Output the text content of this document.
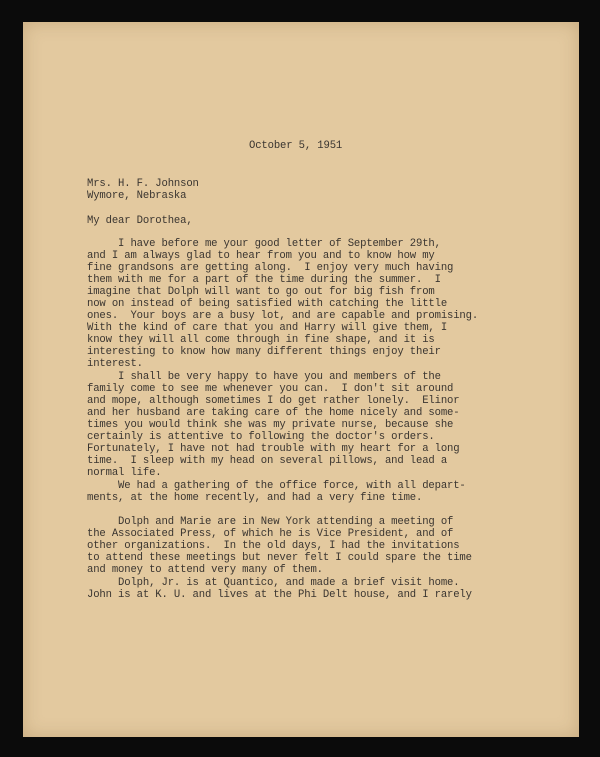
October 5, 1951

Mrs. H. F. Johnson

Wymore, Nebraska

My dear Dorothea,

I have before me your good letter of September 29th,
and I am always glad to hear from you and to know how my
fine grandsons are getting along.  I enjoy very much having
them with me for a part of the time during the summer.  I
imagine that Dolph will want to go out for big fish from
now on instead of being satisfied with catching the little
ones.  Your boys are a busy lot, and are capable and promising.
With the kind of care that you and Harry will give them, I
know they will all come through in fine shape, and it is
interesting to know how many different things enjoy their
interest.
I shall be very happy to have you and members of the
family come to see me whenever you can.  I don't sit around
and mope, although sometimes I do get rather lonely.  Elinor
and her husband are taking care of the home nicely and some-
times you would think she was my private nurse, because she
certainly is attentive to following the doctor's orders.
Fortunately, I have not had trouble with my heart for a long
time.  I sleep with my head on several pillows, and lead a
normal life.
We had a gathering of the office force, with all depart-
ments, at the home recently, and had a very fine time.
Dolph and Marie are in New York attending a meeting of
the Associated Press, of which he is Vice President, and of
other organizations.  In the old days, I had the invitations
to attend these meetings but never felt I could spare the time
and money to attend very many of them.
Dolph, Jr. is at Quantico, and made a brief visit home.
John is at K. U. and lives at the Phi Delt house, and I rarely
